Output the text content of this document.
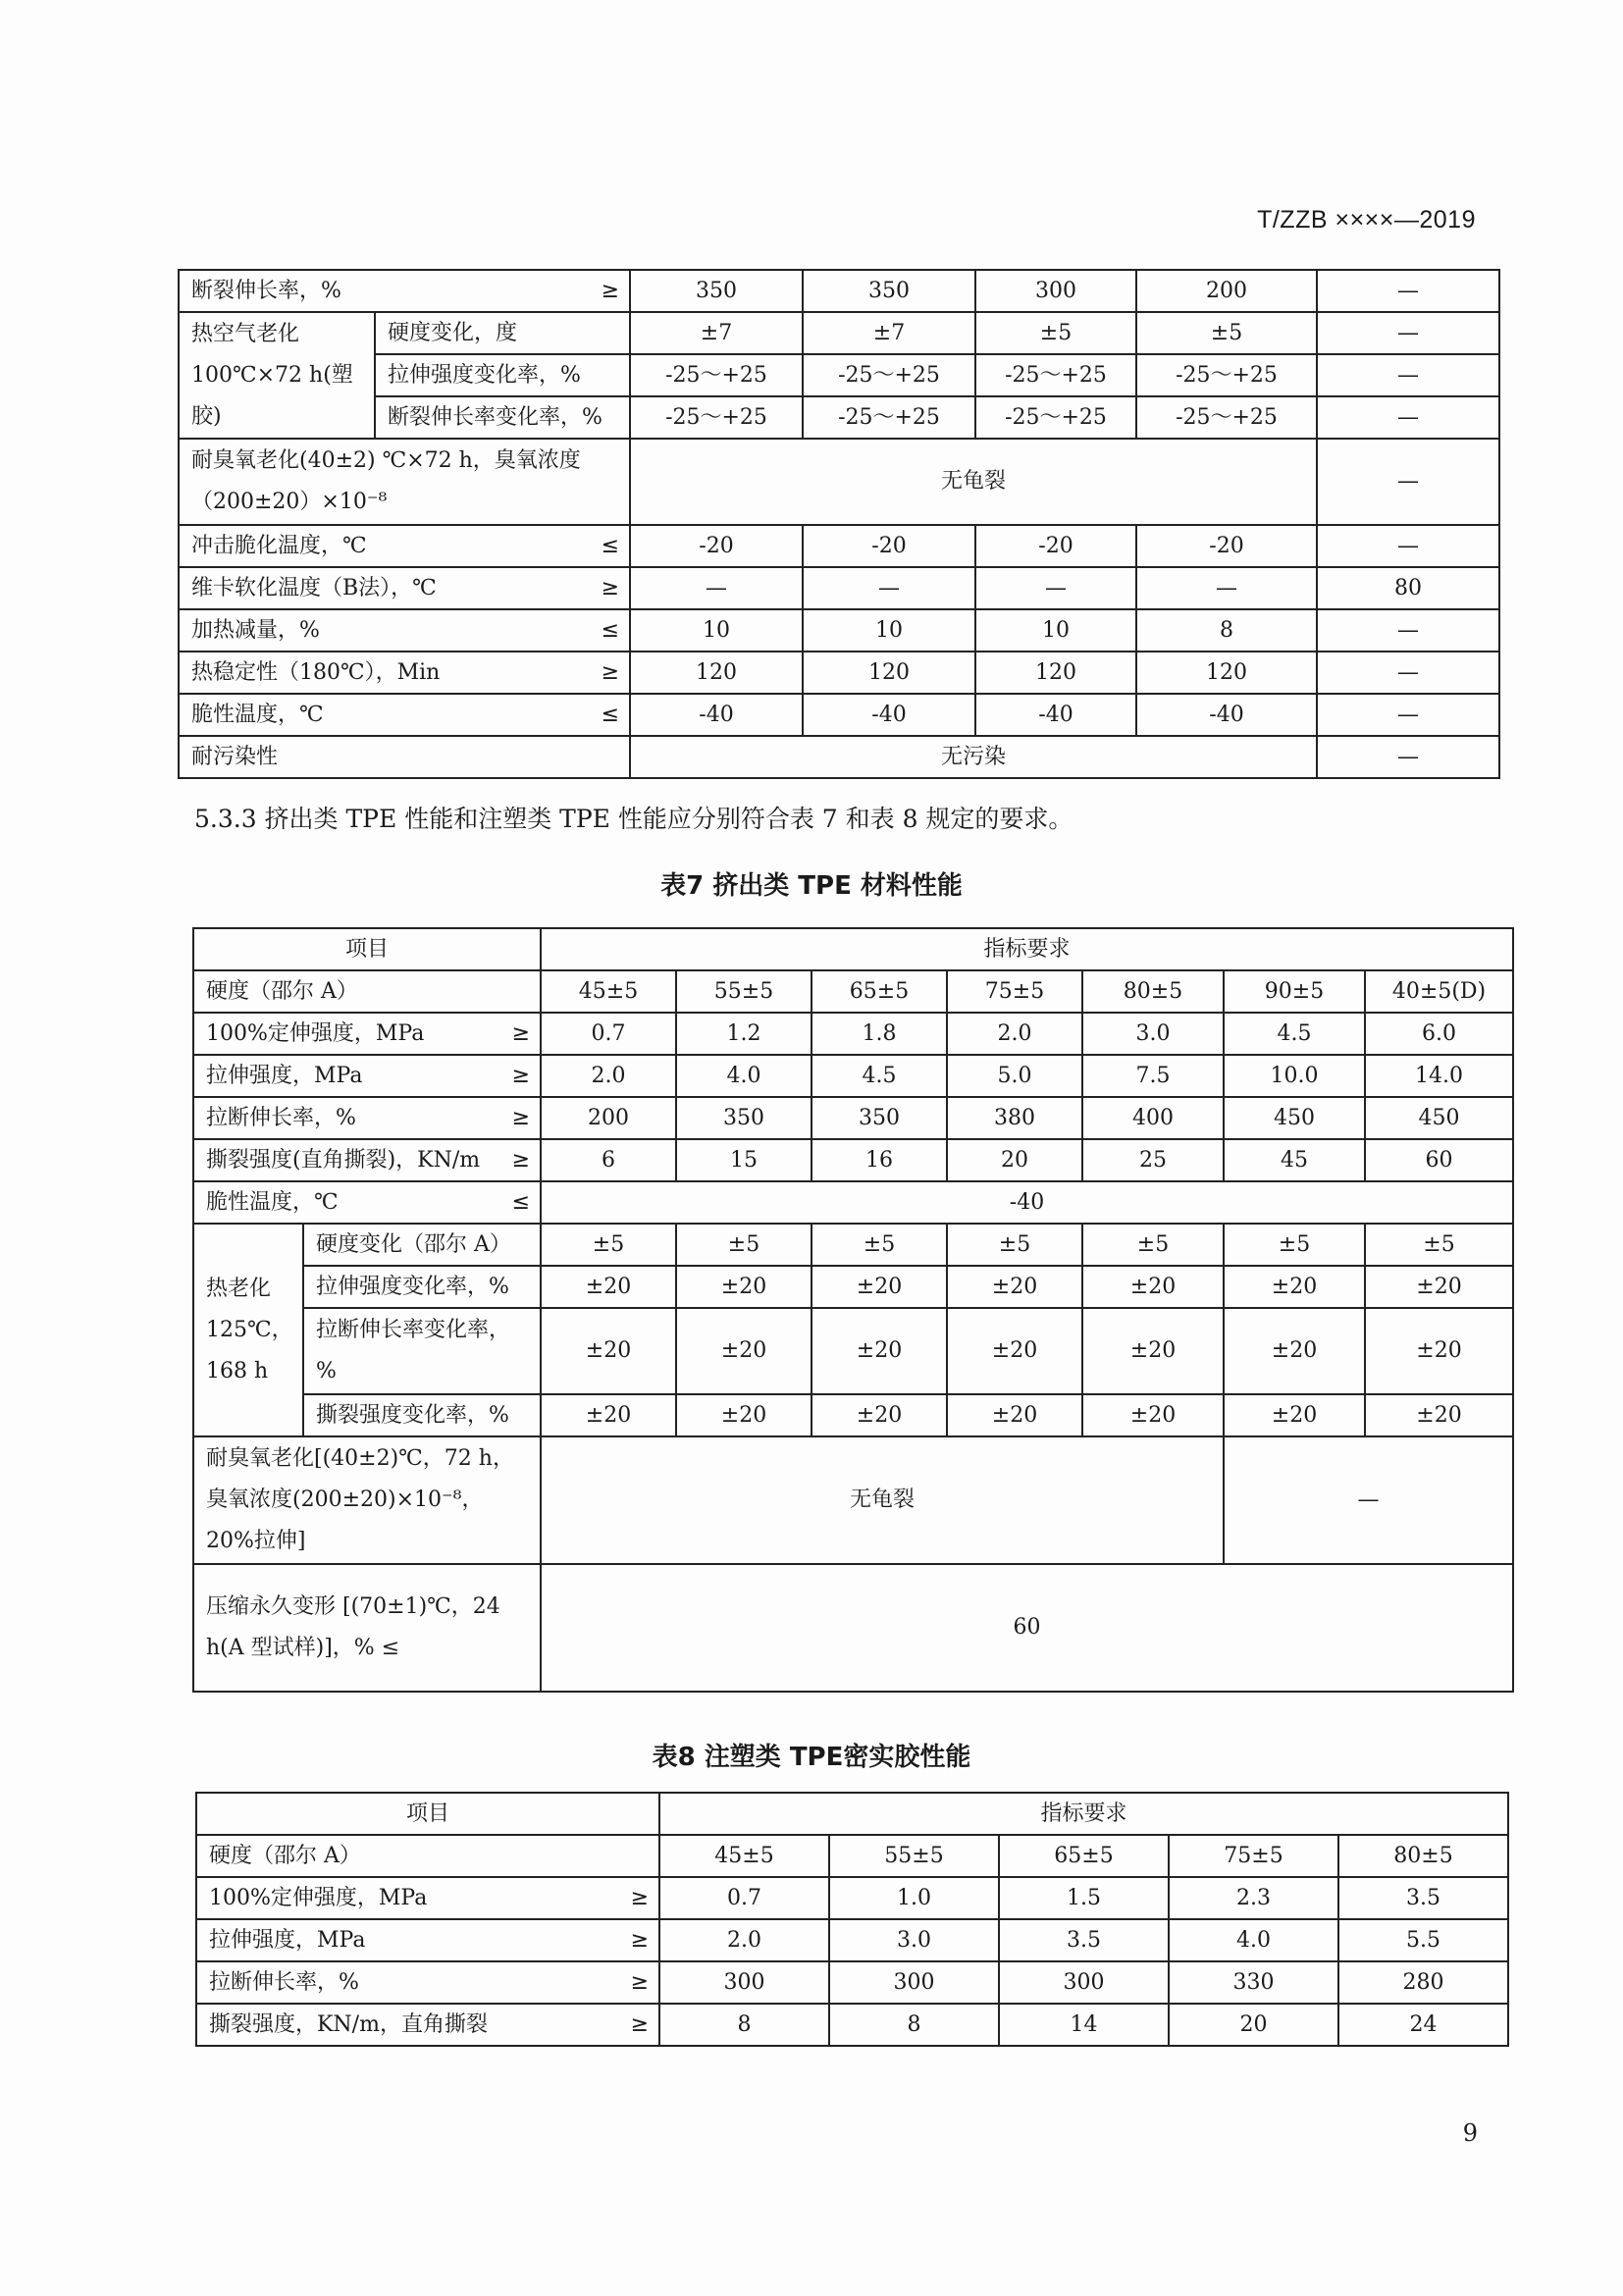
T/ZZB ××××—2019
断裂伸长率，% ≥		350	350	300	200	—
热空气老化 100℃×72 h(塑胶)	硬度变化，度	±7	±7	±5	±5	—
	拉伸强度变化率，%	-25～+25	-25～+25	-25～+25	-25～+25	—
	断裂伸长率变化率，%	-25～+25	-25～+25	-25～+25	-25～+25	—
耐臭氧老化(40±2) ℃×72 h，臭氧浓度（200±20）×10⁻⁸		无龟裂				—
冲击脆化温度，℃ ≤		-20	-20	-20	-20	—
维卡软化温度（B法），℃ ≥		—	—	—	—	80
加热减量，% ≤		10	10	10	8	—
热稳定性（180℃），Min ≥		120	120	120	120	—
脆性温度，℃ ≤		-40	-40	-40	-40	—
耐污染性		无污染				—
5.3.3 挤出类 TPE 性能和注塑类 TPE 性能应分别符合表 7 和表 8 规定的要求。
表7 挤出类 TPE 材料性能
项目		指标要求						
硬度（邵尔 A）		45±5	55±5	65±5	75±5	80±5	90±5	40±5(D)
100%定伸强度，MPa ≥		0.7	1.2	1.8	2.0	3.0	4.5	6.0
拉伸强度，MPa ≥		2.0	4.0	4.5	5.0	7.5	10.0	14.0
拉断伸长率，% ≥		200	350	350	380	400	450	450
撕裂强度(直角撕裂)，KN/m ≥		6	15	16	20	25	45	60
脆性温度，℃ ≤		-40						
热老化 125℃，168 h	硬度变化（邵尔 A）	±5	±5	±5	±5	±5	±5	±5
	拉伸强度变化率，%	±20	±20	±20	±20	±20	±20	±20
	拉断伸长率变化率，%	±20	±20	±20	±20	±20	±20	±20
	撕裂强度变化率，%	±20	±20	±20	±20	±20	±20	±20
耐臭氧老化[(40±2)℃，72 h，臭氧浓度(200±20)×10⁻⁸，20%拉伸]		无龟裂					—	
压缩永久变形 [(70±1)℃，24 h(A 型试样)]，% ≤		60						
表8 注塑类 TPE密实胶性能
项目	指标要求				
硬度（邵尔 A）	45±5	55±5	65±5	75±5	80±5
100%定伸强度，MPa ≥	0.7	1.0	1.5	2.3	3.5
拉伸强度，MPa ≥	2.0	3.0	3.5	4.0	5.5
拉断伸长率，% ≥	300	300	300	330	280
撕裂强度，KN/m，直角撕裂 ≥	8	8	14	20	24
9
